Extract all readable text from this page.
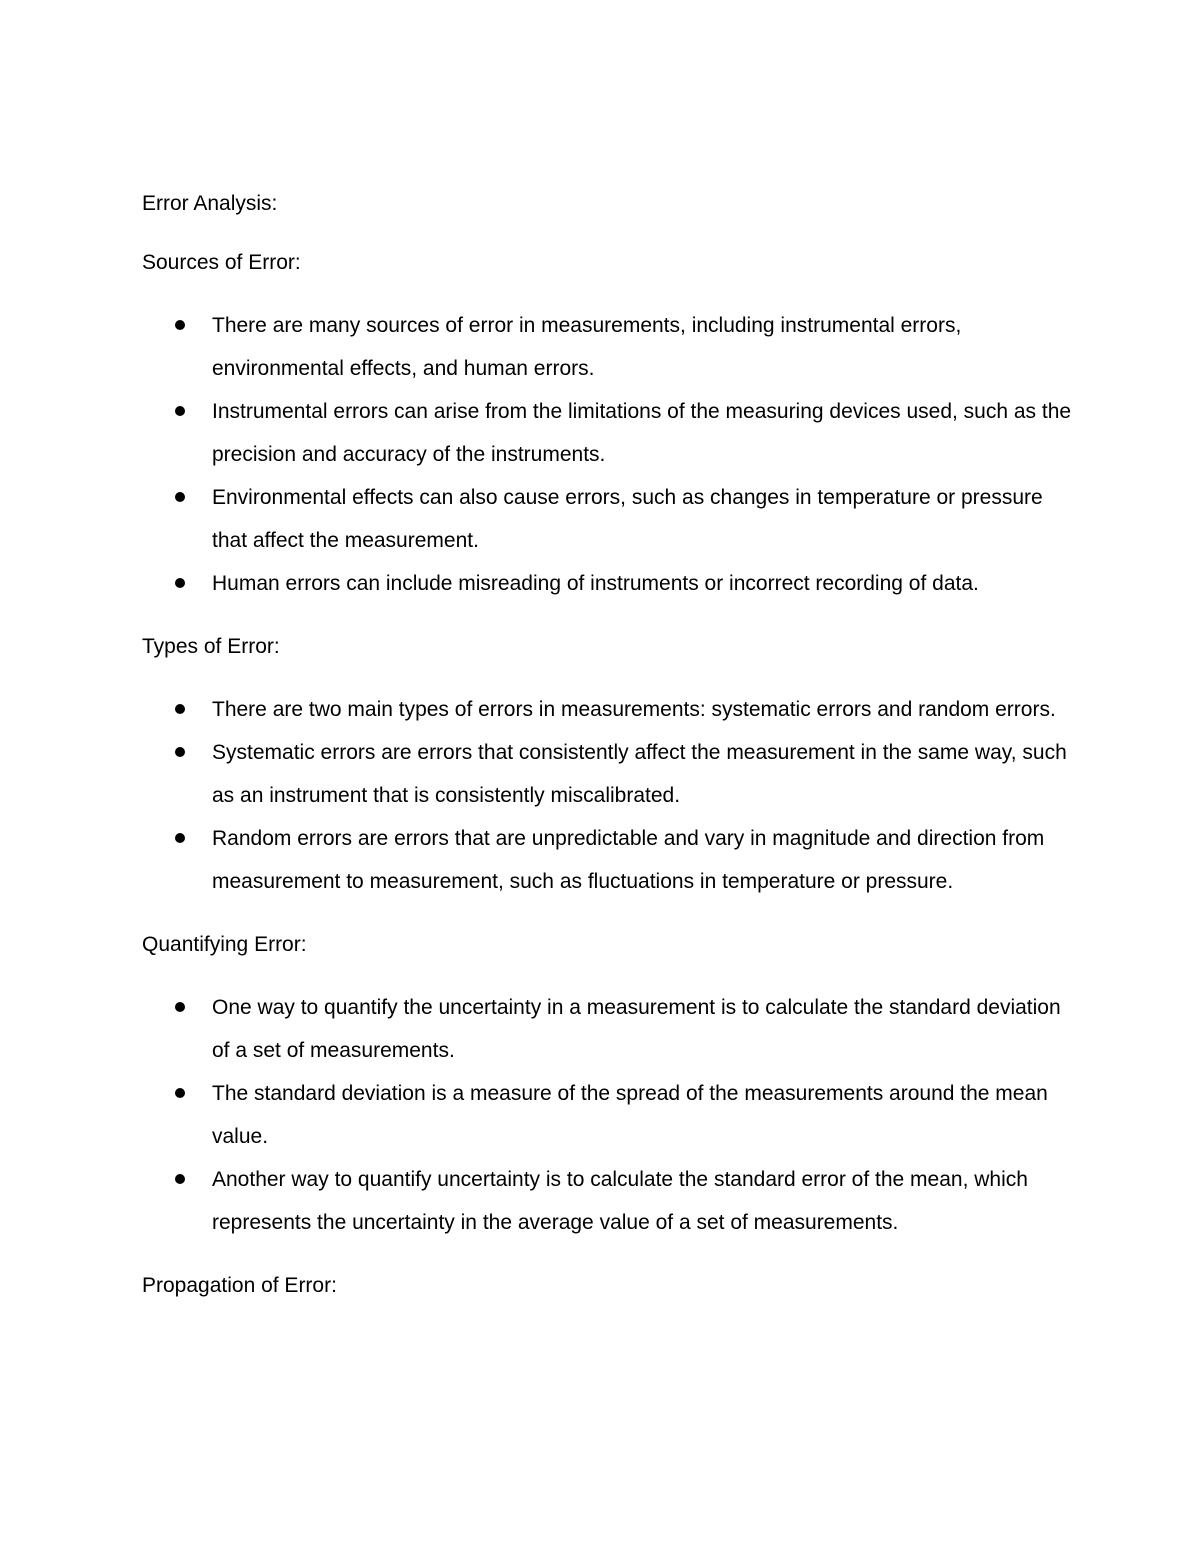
Error Analysis:
Sources of Error:
There are many sources of error in measurements, including instrumental errors, environmental effects, and human errors.
Instrumental errors can arise from the limitations of the measuring devices used, such as the precision and accuracy of the instruments.
Environmental effects can also cause errors, such as changes in temperature or pressure that affect the measurement.
Human errors can include misreading of instruments or incorrect recording of data.
Types of Error:
There are two main types of errors in measurements: systematic errors and random errors.
Systematic errors are errors that consistently affect the measurement in the same way, such as an instrument that is consistently miscalibrated.
Random errors are errors that are unpredictable and vary in magnitude and direction from measurement to measurement, such as fluctuations in temperature or pressure.
Quantifying Error:
One way to quantify the uncertainty in a measurement is to calculate the standard deviation of a set of measurements.
The standard deviation is a measure of the spread of the measurements around the mean value.
Another way to quantify uncertainty is to calculate the standard error of the mean, which represents the uncertainty in the average value of a set of measurements.
Propagation of Error:
